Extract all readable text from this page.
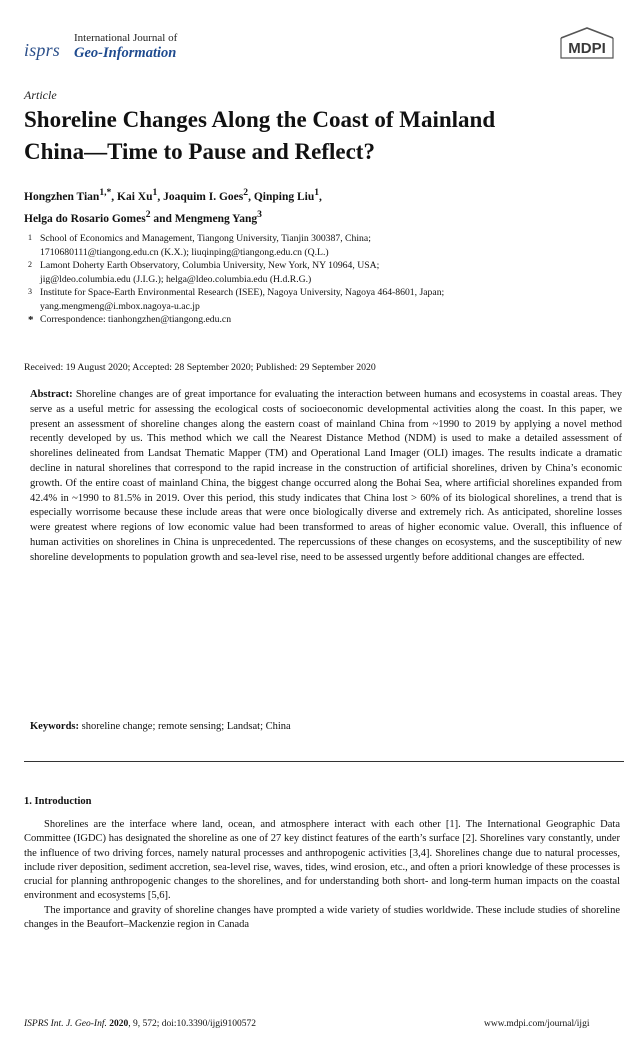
isprs
International Journal of
Geo-Information	MDPI
Article
Shoreline Changes Along the Coast of Mainland
China—Time to Pause and Reflect?
Hongzhen Tian$^{1,*}$, Kai Xu$^1$, Joaquim I. Goes$^2$, Qinping Liu$^1$,
Helga do Rosario Gomes$^2$ and Mengmeng Yang$^3$
1 School of Economics and Management, Tiangong University, Tianjin 300387, China;
1710680111@tiangong.edu.cn (K.X.); liuqinping@tiangong.edu.cn (Q.L.)
2 Lamont Doherty Earth Observatory, Columbia University, New York, NY 10964, USA;
jig@ldeo.columbia.edu (J.I.G.); helga@ldeo.columbia.edu (H.d.R.G.)
3 Institute for Space-Earth Environmental Research (ISEE), Nagoya University, Nagoya 464-8601, Japan;
yang.mengmeng@i.mbox.nagoya-u.ac.jp
* Correspondence: tianhongzhen@tiangong.edu.cn
Received: 19 August 2020; Accepted: 28 September 2020; Published: 29 September 2020

Abstract: Shoreline changes are of great importance for evaluating the interaction between humans and ecosystems in coastal areas. They serve as a useful metric for assessing the ecological costs of socioeconomic developmental activities along the coast. In this paper, we present an assessment of shoreline changes along the eastern coast of mainland China from ~1990 to 2019 by applying a novel method recently developed by us. This method which we call the Nearest Distance Method (NDM) is used to make a detailed assessment of shorelines delineated from Landsat Thematic Mapper (TM) and Operational Land Imager (OLI) images. The results indicate a dramatic decline in natural shorelines that correspond to the rapid increase in the construction of artificial shorelines, driven by China’s economic growth. Of the entire coast of mainland China, the biggest change occurred along the Bohai Sea, where artificial shorelines expanded from 42.4% in ~1990 to 81.5% in 2019. Over this period, this study indicates that China lost > 60% of its biological shorelines, a trend that is especially worrisome because these include areas that were once biologically diverse and extremely rich. As anticipated, shoreline losses were greatest where regions of low economic value had been transformed to areas of higher economic value. Overall, this influence of human activities on shorelines in China is unprecedented. The repercussions of these changes on ecosystems, and the susceptibility of new shoreline developments to population growth and sea-level rise, need to be assessed urgently before additional changes are effected.

Keywords: shoreline change; remote sensing; Landsat; China

1. Introduction

Shorelines are the interface where land, ocean, and atmosphere interact with each other [1]. The International Geographic Data Committee (IGDC) has designated the shoreline as one of 27 key distinct features of the earth’s surface [2]. Shorelines vary constantly, under the influence of two driving forces, namely natural processes and anthropogenic activities [3,4]. Shorelines change due to natural processes, include river deposition, sediment accretion, sea-level rise, waves, tides, wind erosion, etc., and often a priori knowledge of these processes is crucial for planning anthropogenic changes to the shorelines, and for understanding both short- and long-term human impacts on the coastal environment and ecosystems [5,6].

The importance and gravity of shoreline changes have prompted a wide variety of studies worldwide. These include studies of shoreline changes in the Beaufort–Mackenzie region in Canada

ISPRS Int. J. Geo-Inf. 2020, 9, 572; doi:10.3390/ijgi9100572	www.mdpi.com/journal/ijgi
